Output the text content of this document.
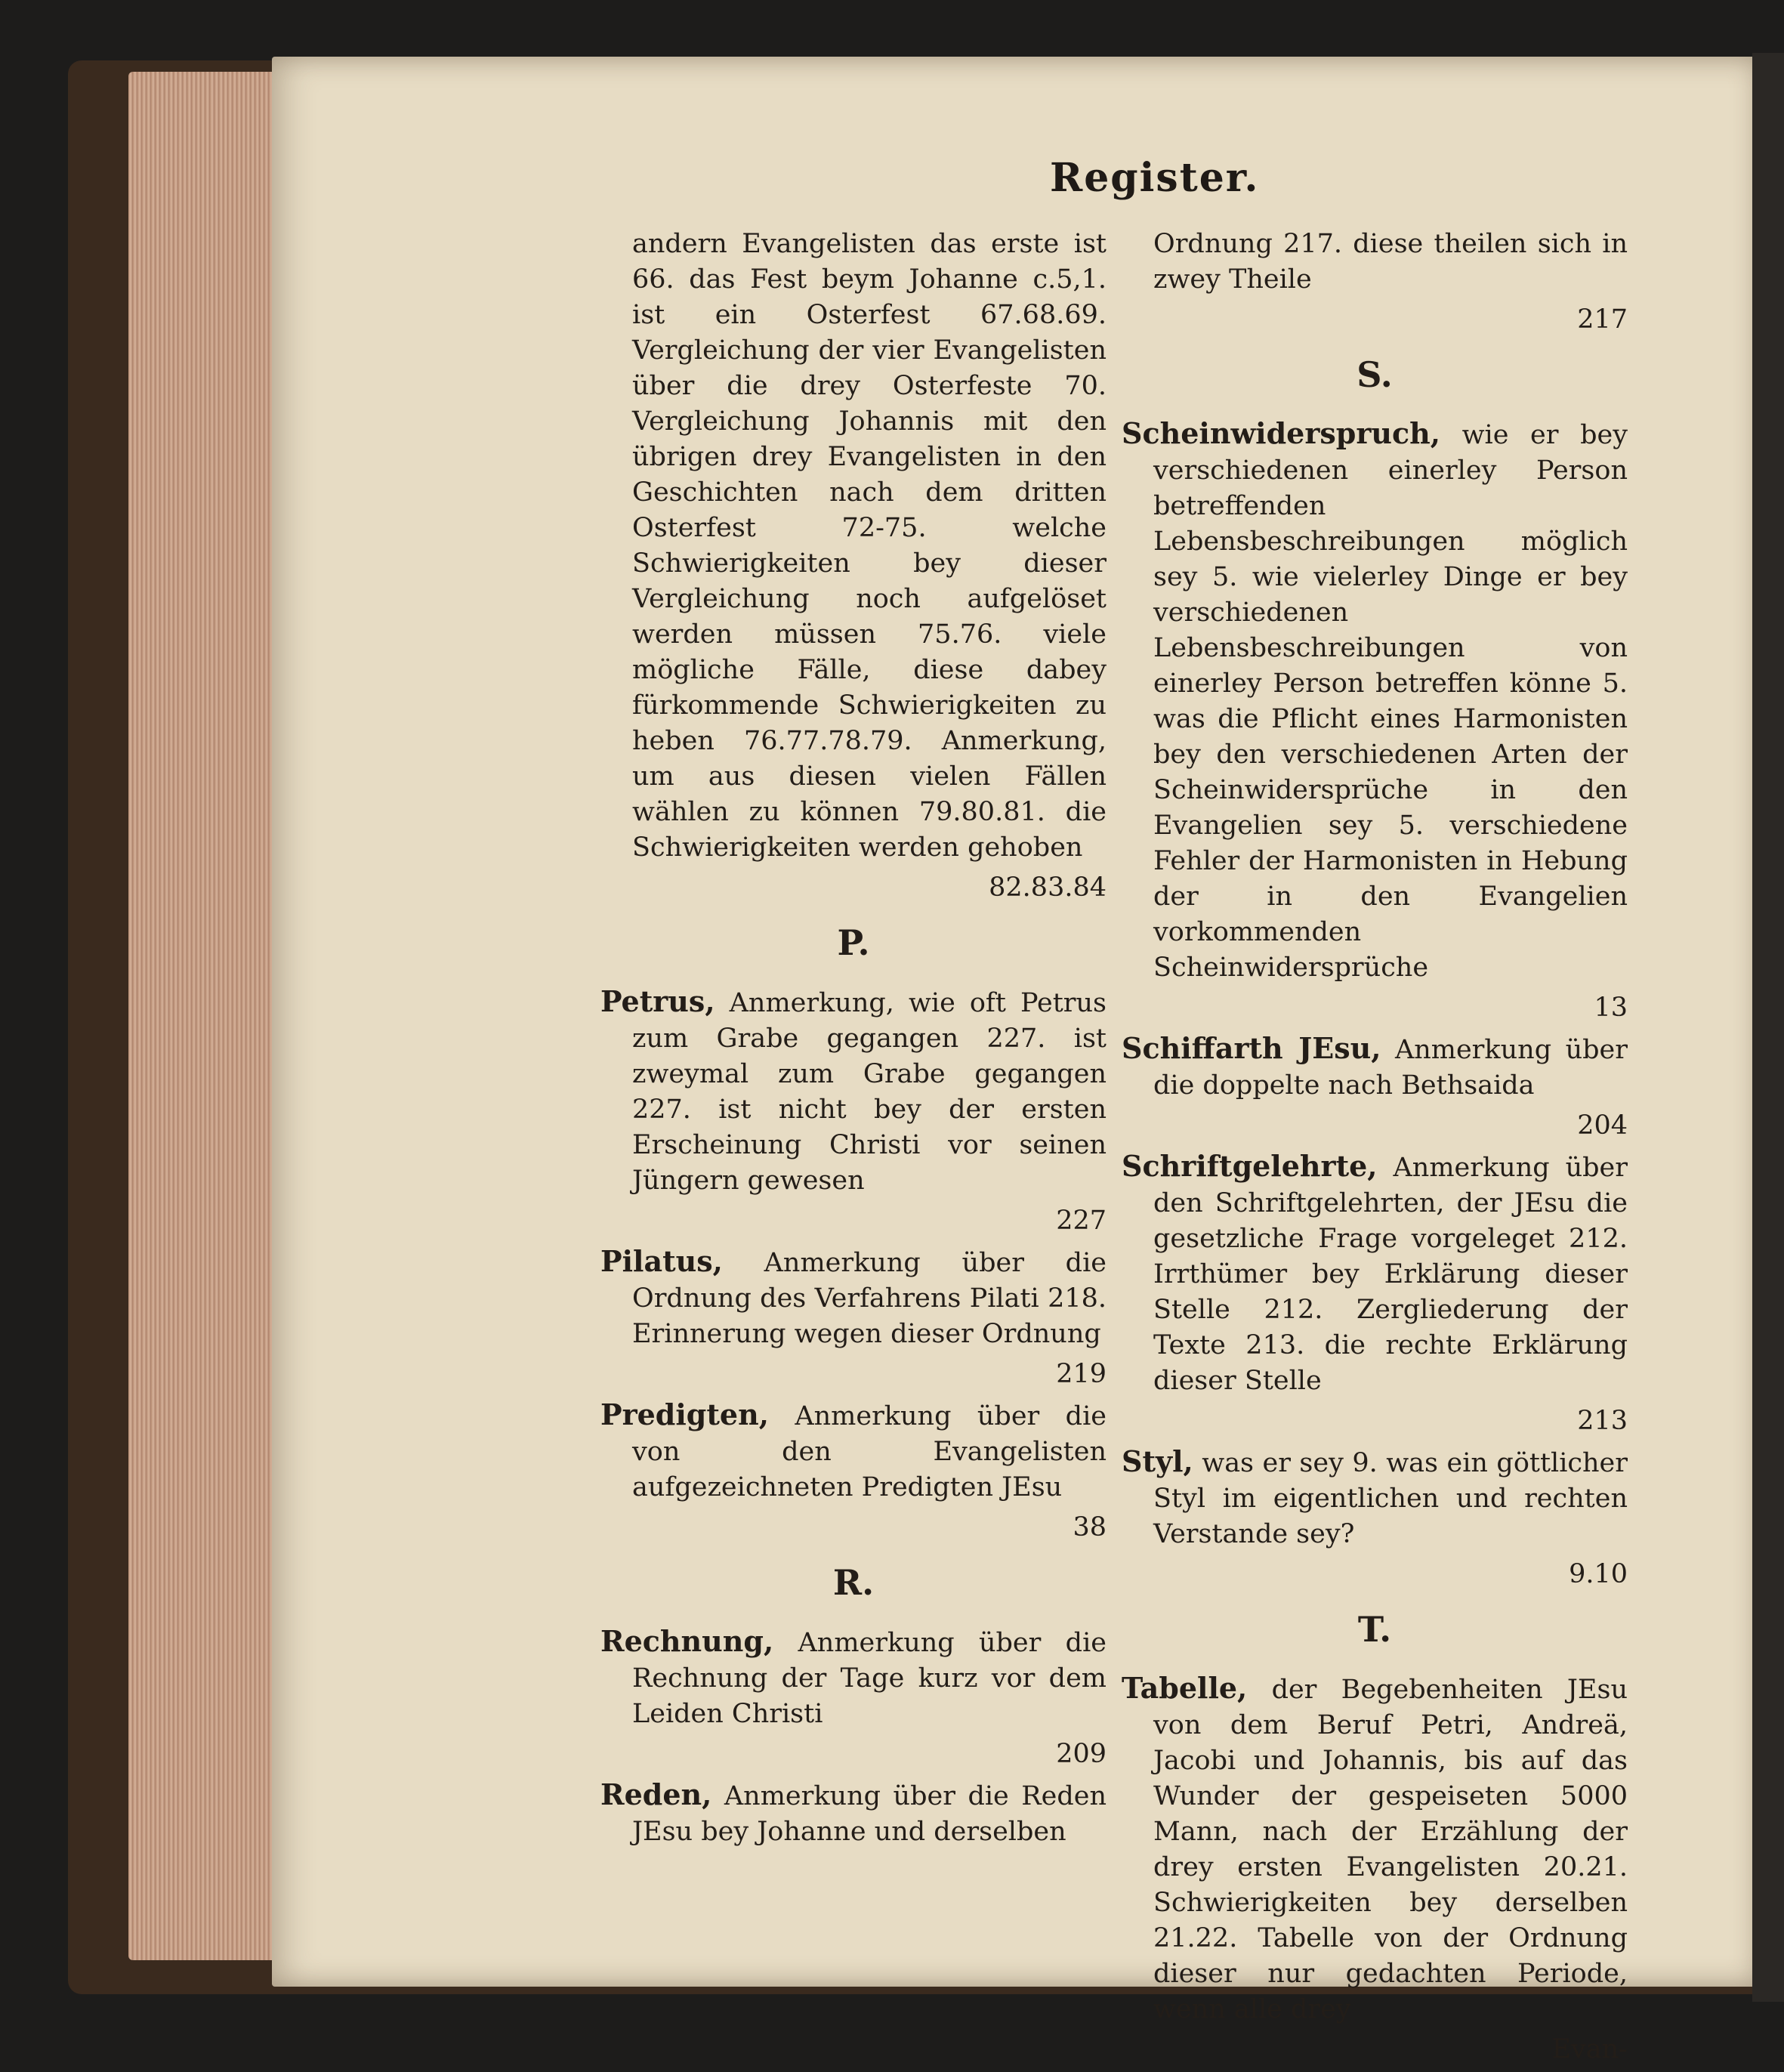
Register.

andern Evangelisten das erste ist 66. das Fest beym Johanne c.5,1. ist ein Osterfest 67.68.69. Vergleichung der vier Evangelisten über die drey Osterfeste 70. Vergleichung Johannis mit den übrigen drey Evangelisten in den Geschichten nach dem dritten Osterfest 72-75. welche Schwierigkeiten bey dieser Vergleichung noch aufgelöset werden müssen 75.76. viele mögliche Fälle, diese dabey fürkommende Schwierigkeiten zu heben 76.77.78.79. Anmerkung, um aus diesen vielen Fällen wählen zu können 79.80.81. die Schwierigkeiten werden gehoben

82.83.84

P.

Petrus, Anmerkung, wie oft Petrus zum Grabe gegangen 227. ist zweymal zum Grabe gegangen 227. ist nicht bey der ersten Erscheinung Christi vor seinen Jüngern gewesen

227

Pilatus, Anmerkung über die Ordnung des Verfahrens Pilati 218. Erinnerung wegen dieser Ordnung

219

Predigten, Anmerkung über die von den Evangelisten aufgezeichneten Predigten JEsu

38

R.

Rechnung, Anmerkung über die Rechnung der Tage kurz vor dem Leiden Christi

209

Reden, Anmerkung über die Reden JEsu bey Johanne und derselben

Ordnung 217. diese theilen sich in zwey Theile

217

S.

Scheinwiderspruch, wie er bey verschiedenen einerley Person betreffenden Lebensbeschreibungen möglich sey 5. wie vielerley Dinge er bey verschiedenen Lebensbeschreibungen von einerley Person betreffen könne 5. was die Pflicht eines Harmonisten bey den verschiedenen Arten der Scheinwidersprüche in den Evangelien sey 5. verschiedene Fehler der Harmonisten in Hebung der in den Evangelien vorkommenden Scheinwidersprüche

13

Schiffarth JEsu, Anmerkung über die doppelte nach Bethsaida

204

Schriftgelehrte, Anmerkung über den Schriftgelehrten, der JEsu die gesetzliche Frage vorgeleget 212. Irrthümer bey Erklärung dieser Stelle 212. Zergliederung der Texte 213. die rechte Erklärung dieser Stelle

213

Styl, was er sey 9. was ein göttlicher Styl im eigentlichen und rechten Verstande sey?

9.10

T.

Tabelle, der Begebenheiten JEsu von dem Beruf Petri, Andreä, Jacobi und Johannis, bis auf das Wunder der gespeiseten 5000 Mann, nach der Erzählung der drey ersten Evangelisten 20.21. Schwierigkeiten bey derselben 21.22. Tabelle von der Ordnung dieser nur gedachten Periode, wenn alle drey

Evan-
